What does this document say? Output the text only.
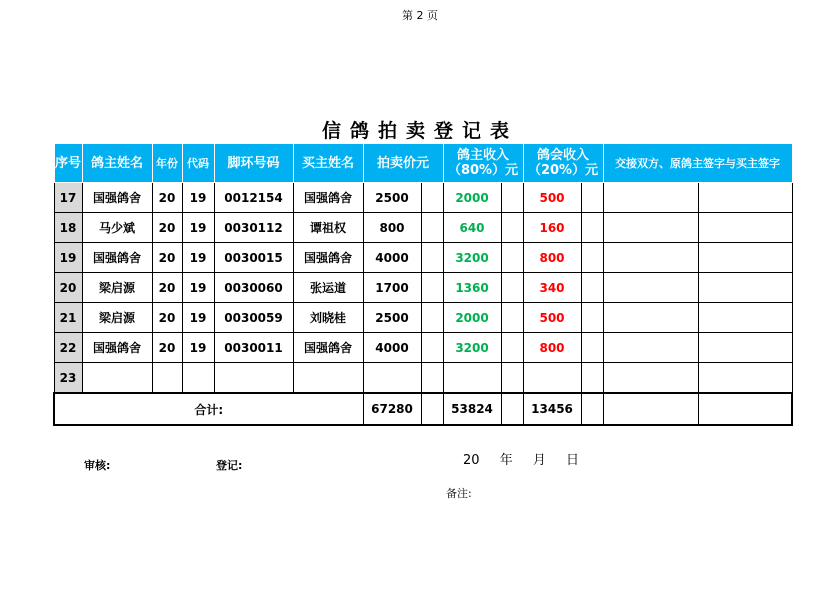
第 2 页
信鸽拍卖登记表
序号	鸽主姓名	年份	代码	脚环号码	买主姓名	拍卖价元		鸽主收入（80%）元		鸽会收入（20%）元		交接双方、原鸽主签字与买主签字	
17	国强鸽舍	20	19	0012154	国强鸽舍	2500		2000		500			
18	马少斌	20	19	0030112	谭祖权	800		640		160			
19	国强鸽舍	20	19	0030015	国强鸽舍	4000		3200		800			
20	梁启源	20	19	0030060	张运道	1700		1360		340			
21	梁启源	20	19	0030059	刘晓桂	2500		2000		500			
22	国强鸽舍	20	19	0030011	国强鸽舍	4000		3200		800			
23													
合计:						67280		53824		13456			
审核:	登记:	20 年 月 日
备注:
